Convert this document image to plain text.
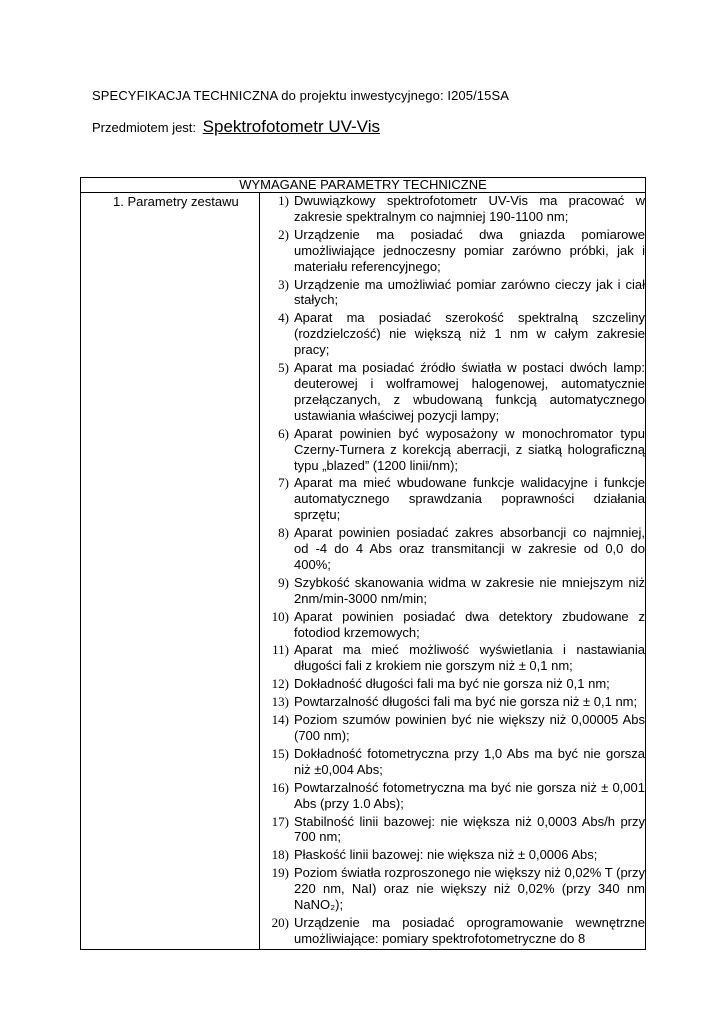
SPECYFIKACJA TECHNICZNA do projektu inwestycyjnego: I205/15SA
Przedmiotem jest: Spektrofotometr UV-Vis
WYMAGANE PARAMETRY TECHNICZNE

1. Parametry zestawu	1) Dwuwiązkowy spektrofotometr UV-Vis ma pracować w zakresie spektralnym co najmniej 190-1100 nm;
2) Urządzenie ma posiadać dwa gniazda pomiarowe umożliwiające jednoczesny pomiar zarówno próbki, jak i materiału referencyjnego;
3) Urządzenie ma umożliwiać pomiar zarówno cieczy jak i ciał stałych;
4) Aparat ma posiadać szerokość spektralną szczeliny (rozdzielczość) nie większą niż 1 nm w całym zakresie pracy;
5) Aparat ma posiadać źródło światła w postaci dwóch lamp: deuterowej i wolframowej halogenowej, automatycznie przełączanych, z wbudowaną funkcją automatycznego ustawiania właściwej pozycji lampy;
6) Aparat powinien być wyposażony w monochromator typu Czerny-Turnera z korekcją aberracji, z siatką holograficzną typu „blazed” (1200 linii/nm);
7) Aparat ma mieć wbudowane funkcje walidacyjne i funkcje automatycznego sprawdzania poprawności działania sprzętu;
8) Aparat powinien posiadać zakres absorbancji co najmniej, od -4 do 4 Abs oraz transmitancji w zakresie od 0,0 do 400%;
9) Szybkość skanowania widma w zakresie nie mniejszym niż 2nm/min-3000 nm/min;
10) Aparat powinien posiadać dwa detektory zbudowane z fotodiod krzemowych;
11) Aparat ma mieć możliwość wyświetlania i nastawiania długości fali z krokiem nie gorszym niż ± 0,1 nm;
12) Dokładność długości fali ma być nie gorsza niż 0,1 nm;
13) Powtarzalność długości fali ma być nie gorsza niż ± 0,1 nm;
14) Poziom szumów powinien być nie większy niż 0,00005 Abs (700 nm);
15) Dokładność fotometryczna przy 1,0 Abs ma być nie gorsza niż ±0,004 Abs;
16) Powtarzalność fotometryczna ma być nie gorsza niż ± 0,001 Abs (przy 1.0 Abs);
17) Stabilność linii bazowej: nie większa niż 0,0003 Abs/h przy 700 nm;
18) Płaskość linii bazowej: nie większa niż ± 0,0006 Abs;
19) Poziom światła rozproszonego nie większy niż 0,02% T (przy 220 nm, NaI) oraz nie większy niż 0,02% (przy 340 nm NaNO₂);
20) Urządzenie ma posiadać oprogramowanie wewnętrzne umożliwiające: pomiary spektrofotometryczne do 8
